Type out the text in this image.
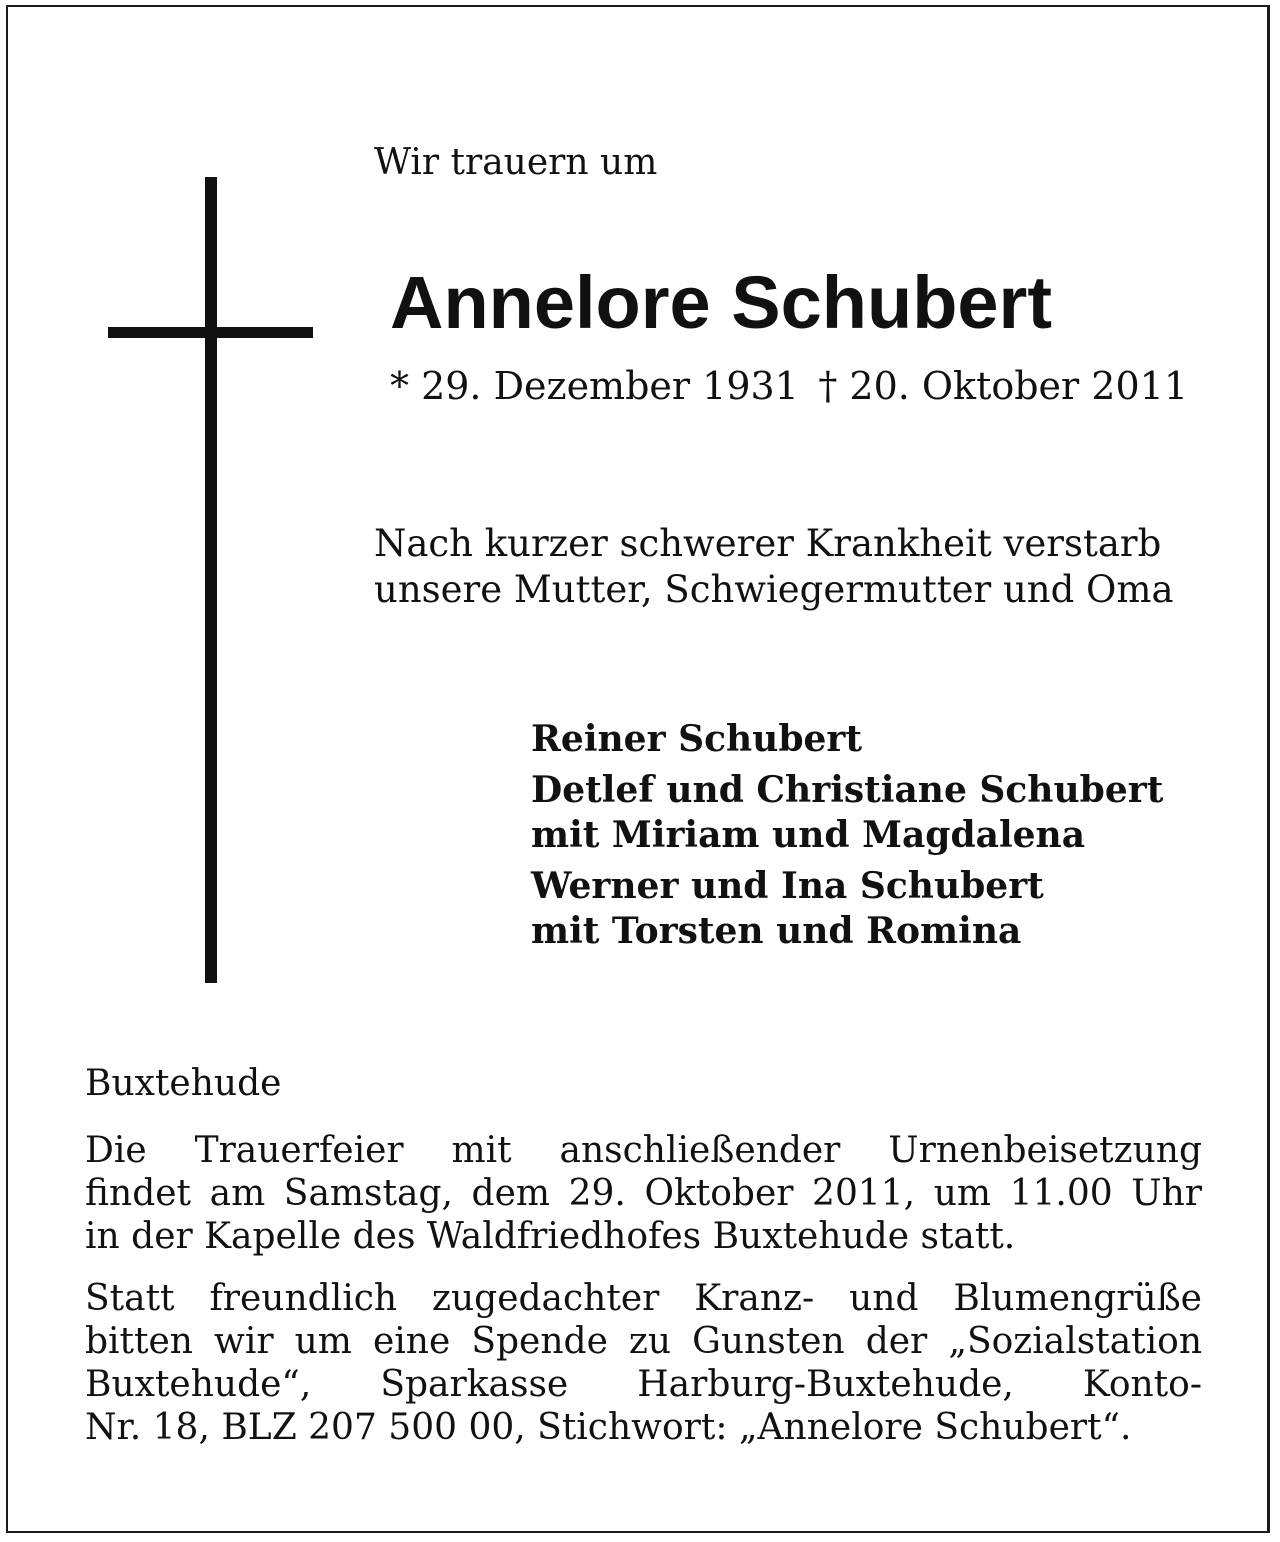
Wir trauern um
Annelore Schubert
* 29. Dezember 1931 † 20. Oktober 2011
Nach kurzer schwerer Krankheit verstarb
unsere Mutter, Schwiegermutter und Oma
Reiner Schubert
Detlef und Christiane Schubert
mit Miriam und Magdalena
Werner und Ina Schubert
mit Torsten und Romina
Buxtehude
Die Trauerfeier mit anschließender Urnenbeisetzung
findet am Samstag, dem 29. Oktober 2011, um 11.00 Uhr
in der Kapelle des Waldfriedhofes Buxtehude statt.
Statt freundlich zugedachter Kranz- und Blumengrüße
bitten wir um eine Spende zu Gunsten der „Sozialstation
Buxtehude“, Sparkasse Harburg-Buxtehude, Konto-
Nr. 18, BLZ 207 500 00, Stichwort: „Annelore Schubert“.
